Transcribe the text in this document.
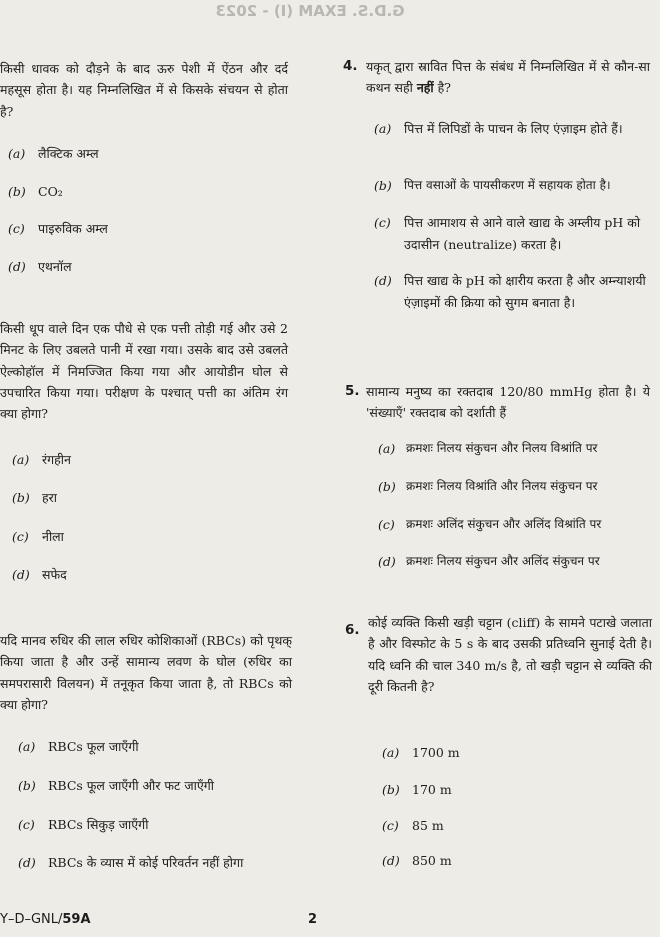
G.D.S. EXAM (I) - 2023
किसी धावक को दौड़ने के बाद ऊरु पेशी में ऐंठन और दर्द महसूस होता है। यह निम्नलिखित में से किसके संचयन से होता है?
(a) लैक्टिक अम्ल
(b) CO₂
(c) पाइरुविक अम्ल
(d) एथनॉल
किसी धूप वाले दिन एक पौधे से एक पत्ती तोड़ी गई और उसे 2 मिनट के लिए उबलते पानी में रखा गया। उसके बाद उसे उबलते ऐल्कोहॉल में निमज्जित किया गया और आयोडीन घोल से उपचारित किया गया। परीक्षण के पश्चात् पत्ती का अंतिम रंग क्या होगा?
(a) रंगहीन
(b) हरा
(c) नीला
(d) सफेद
यदि मानव रुधिर की लाल रुधिर कोशिकाओं (RBCs) को पृथक् किया जाता है और उन्हें सामान्य लवण के घोल (रुधिर का समपरासारी विलयन) में तनूकृत किया जाता है, तो RBCs को क्या होगा?
(a) RBCs फूल जाएँगी
(b) RBCs फूल जाएँगी और फट जाएँगी
(c) RBCs सिकुड़ जाएँगी
(d) RBCs के व्यास में कोई परिवर्तन नहीं होगा
4. यकृत् द्वारा स्रावित पित्त के संबंध में निम्नलिखित में से कौन-सा कथन सही नहीं है?
(a) पित्त में लिपिडों के पाचन के लिए एंज़ाइम होते हैं।
(b) पित्त वसाओं के पायसीकरण में सहायक होता है।
(c) पित्त आमाशय से आने वाले खाद्य के अम्लीय pH को उदासीन (neutralize) करता है।
(d) पित्त खाद्य के pH को क्षारीय करता है और अम्न्याशयी एंज़ाइमों की क्रिया को सुगम बनाता है।
5. सामान्य मनुष्य का रक्तदाब 120/80 mmHg होता है। ये 'संख्याएँ' रक्तदाब को दर्शाती हैं
(a) क्रमशः निलय संकुचन और निलय विश्रांति पर
(b) क्रमशः निलय विश्रांति और निलय संकुचन पर
(c) क्रमशः अलिंद संकुचन और अलिंद विश्रांति पर
(d) क्रमशः निलय संकुचन और अलिंद संकुचन पर
6. कोई व्यक्ति किसी खड़ी चट्टान (cliff) के सामने पटाखे जलाता है और विस्फोट के 5 s के बाद उसकी प्रतिध्वनि सुनाई देती है। यदि ध्वनि की चाल 340 m/s है, तो खड़ी चट्टान से व्यक्ति की दूरी कितनी है?
(a) 1700 m
(b) 170 m
(c) 85 m
(d) 850 m
Y–D–GNL/59A	2
